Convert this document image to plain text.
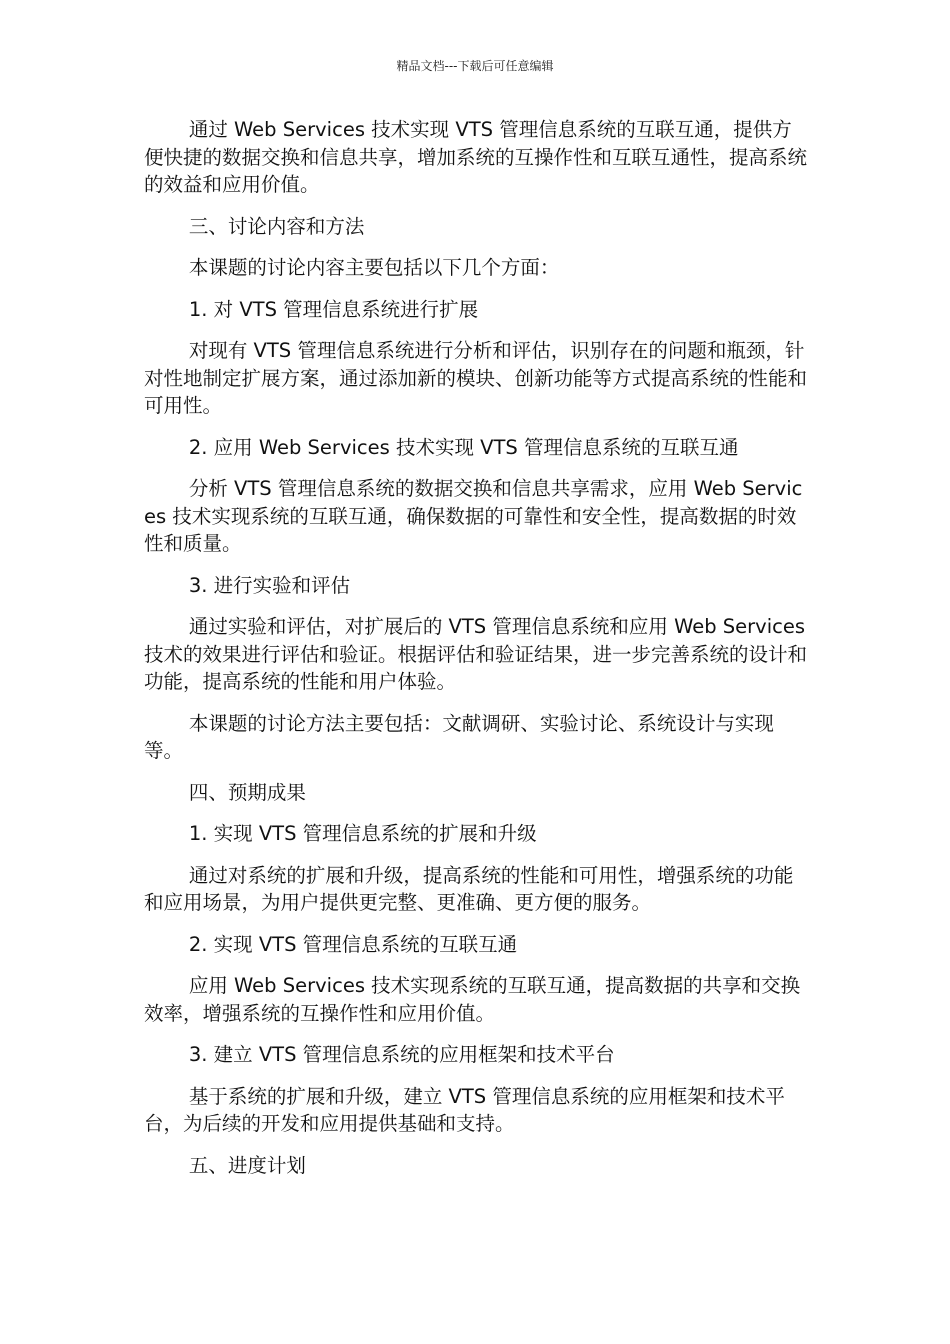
精品文档---下载后可任意编辑

通过 Web Services 技术实现 VTS 管理信息系统的互联互通，提供方便快捷的数据交换和信息共享，增加系统的互操作性和互联互通性，提高系统的效益和应用价值。

三、讨论内容和方法

本课题的讨论内容主要包括以下几个方面：

1. 对 VTS 管理信息系统进行扩展

对现有 VTS 管理信息系统进行分析和评估，识别存在的问题和瓶颈，针对性地制定扩展方案，通过添加新的模块、创新功能等方式提高系统的性能和可用性。

2. 应用 Web Services 技术实现 VTS 管理信息系统的互联互通

分析 VTS 管理信息系统的数据交换和信息共享需求，应用 Web Services 技术实现系统的互联互通，确保数据的可靠性和安全性，提高数据的时效性和质量。

3. 进行实验和评估

通过实验和评估，对扩展后的 VTS 管理信息系统和应用 Web Services 技术的效果进行评估和验证。根据评估和验证结果，进一步完善系统的设计和功能，提高系统的性能和用户体验。

本课题的讨论方法主要包括：文献调研、实验讨论、系统设计与实现等。

四、预期成果

1. 实现 VTS 管理信息系统的扩展和升级

通过对系统的扩展和升级，提高系统的性能和可用性，增强系统的功能和应用场景，为用户提供更完整、更准确、更方便的服务。

2. 实现 VTS 管理信息系统的互联互通

应用 Web Services 技术实现系统的互联互通，提高数据的共享和交换效率，增强系统的互操作性和应用价值。

3. 建立 VTS 管理信息系统的应用框架和技术平台

基于系统的扩展和升级，建立 VTS 管理信息系统的应用框架和技术平台，为后续的开发和应用提供基础和支持。

五、进度计划
